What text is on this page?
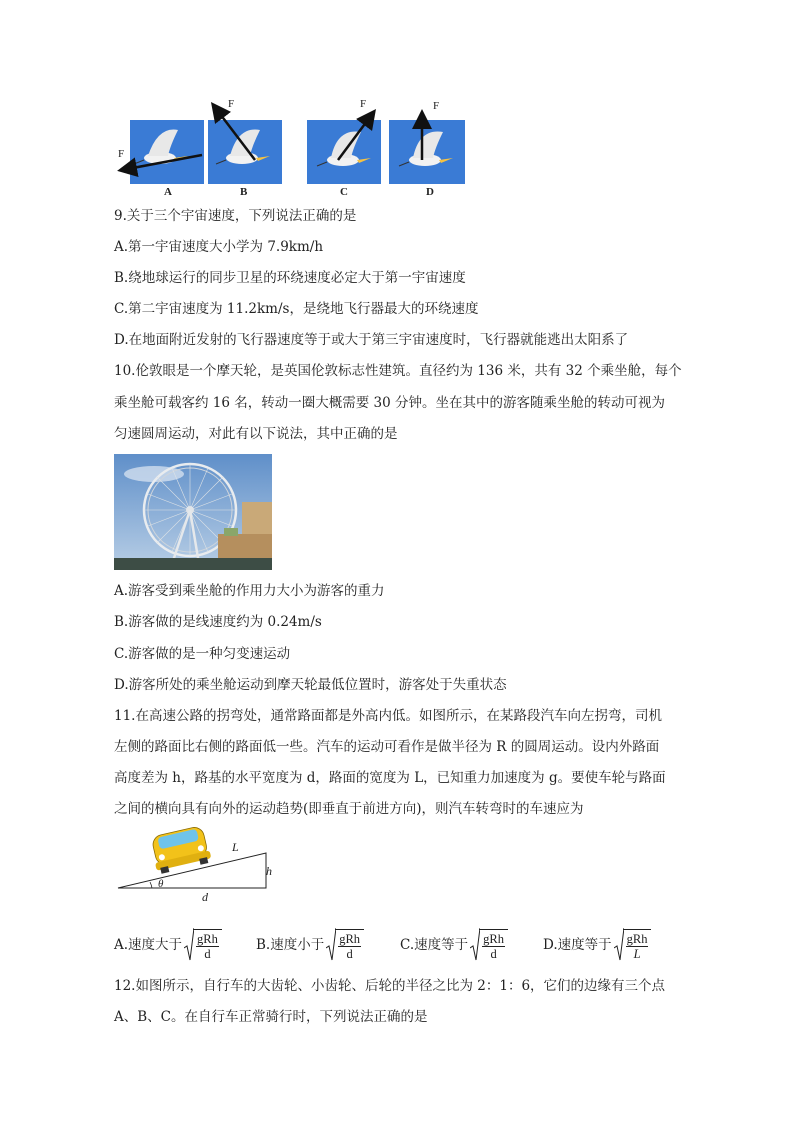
F
F	F	F
A	B	C	D
9.关于三个宇宙速度，下列说法正确的是
A.第一宇宙速度大小学为 7.9km/h
B.绕地球运行的同步卫星的环绕速度必定大于第一宇宙速度
C.第二宇宙速度为 11.2km/s，是绕地飞行器最大的环绕速度
D.在地面附近发射的飞行器速度等于或大于第三宇宙速度时，飞行器就能逃出太阳系了
10.伦敦眼是一个摩天轮，是英国伦敦标志性建筑。直径约为 136 米，共有 32 个乘坐舱，每个
乘坐舱可载客约 16 名，转动一圈大概需要 30 分钟。坐在其中的游客随乘坐舱的转动可视为
匀速圆周运动，对此有以下说法，其中正确的是
A.游客受到乘坐舱的作用力大小为游客的重力
B.游客做的是线速度约为 0.24m/s
C.游客做的是一种匀变速运动
D.游客所处的乘坐舱运动到摩天轮最低位置时，游客处于失重状态
11.在高速公路的拐弯处，通常路面都是外高内低。如图所示，在某路段汽车向左拐弯，司机
左侧的路面比右侧的路面低一些。汽车的运动可看作是做半径为 R 的圆周运动。设内外路面
高度差为 h，路基的水平宽度为 d，路面的宽度为 L，已知重力加速度为 g。要使车轮与路面
之间的横向具有向外的运动趋势(即垂直于前进方向)，则汽车转弯时的车速应为
L
h
d
θ
A.速度大于 $\frac{\text{gRh}}{d}$	B.速度小于 $\frac{\text{gRh}}{d}$	C.速度等于 $\frac{\text{gRh}}{d}$	D.速度等于 $\frac{\text{gRh}}{L}$
12.如图所示，自行车的大齿轮、小齿轮、后轮的半径之比为 2：1：6，它们的边缘有三个点
A、B、C。在自行车正常骑行时，下列说法正确的是
